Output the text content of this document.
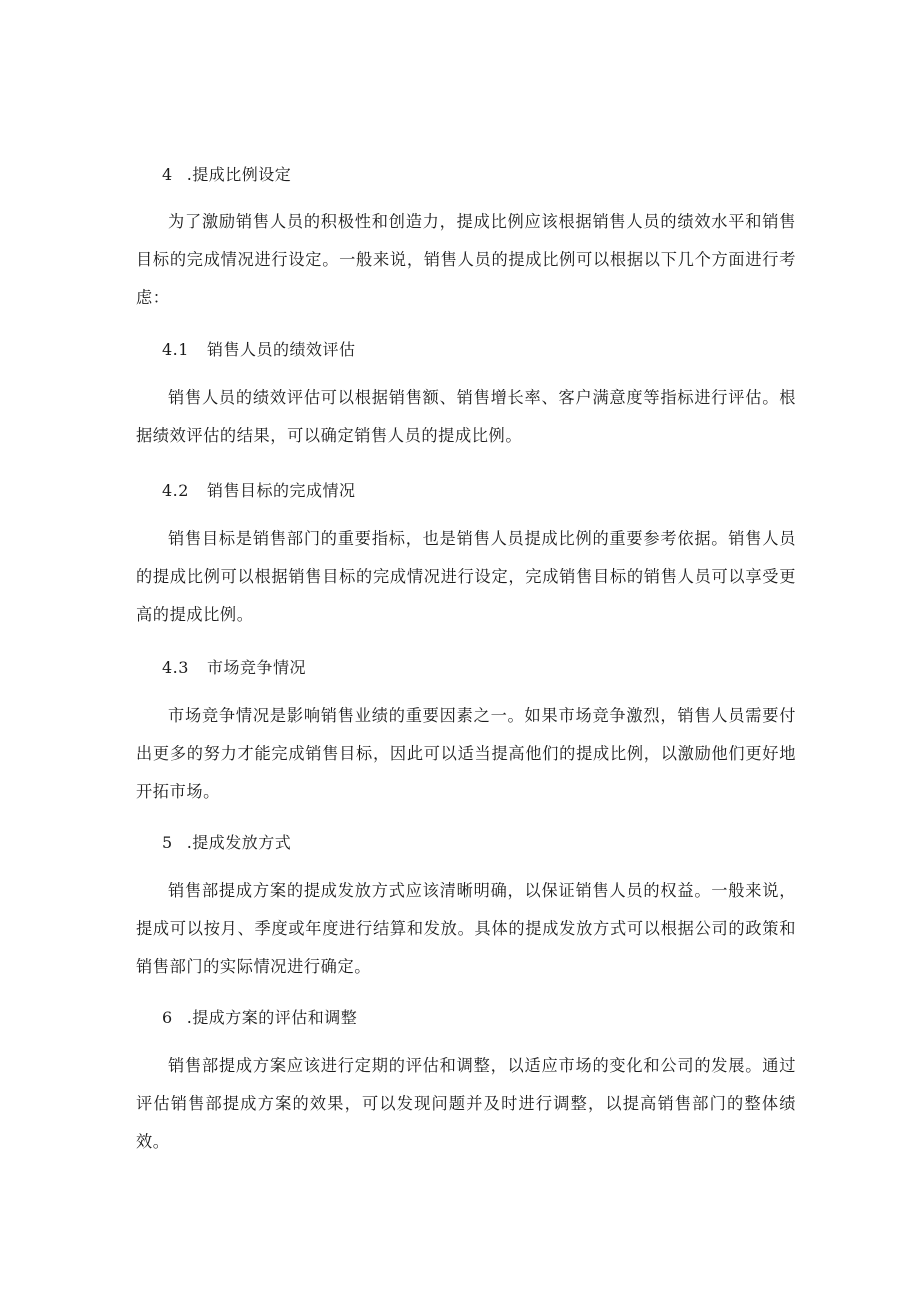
4 .提成比例设定
为了激励销售人员的积极性和创造力，提成比例应该根据销售人员的绩效水平和销售目标的完成情况进行设定。一般来说，销售人员的提成比例可以根据以下几个方面进行考虑：
4.1 销售人员的绩效评估
销售人员的绩效评估可以根据销售额、销售增长率、客户满意度等指标进行评估。根据绩效评估的结果，可以确定销售人员的提成比例。
4.2 销售目标的完成情况
销售目标是销售部门的重要指标，也是销售人员提成比例的重要参考依据。销售人员的提成比例可以根据销售目标的完成情况进行设定，完成销售目标的销售人员可以享受更高的提成比例。
4.3 市场竞争情况
市场竞争情况是影响销售业绩的重要因素之一。如果市场竞争激烈，销售人员需要付出更多的努力才能完成销售目标，因此可以适当提高他们的提成比例，以激励他们更好地开拓市场。
5 .提成发放方式
销售部提成方案的提成发放方式应该清晰明确，以保证销售人员的权益。一般来说，提成可以按月、季度或年度进行结算和发放。具体的提成发放方式可以根据公司的政策和销售部门的实际情况进行确定。
6 .提成方案的评估和调整
销售部提成方案应该进行定期的评估和调整，以适应市场的变化和公司的发展。通过评估销售部提成方案的效果，可以发现问题并及时进行调整，以提高销售部门的整体绩效。
